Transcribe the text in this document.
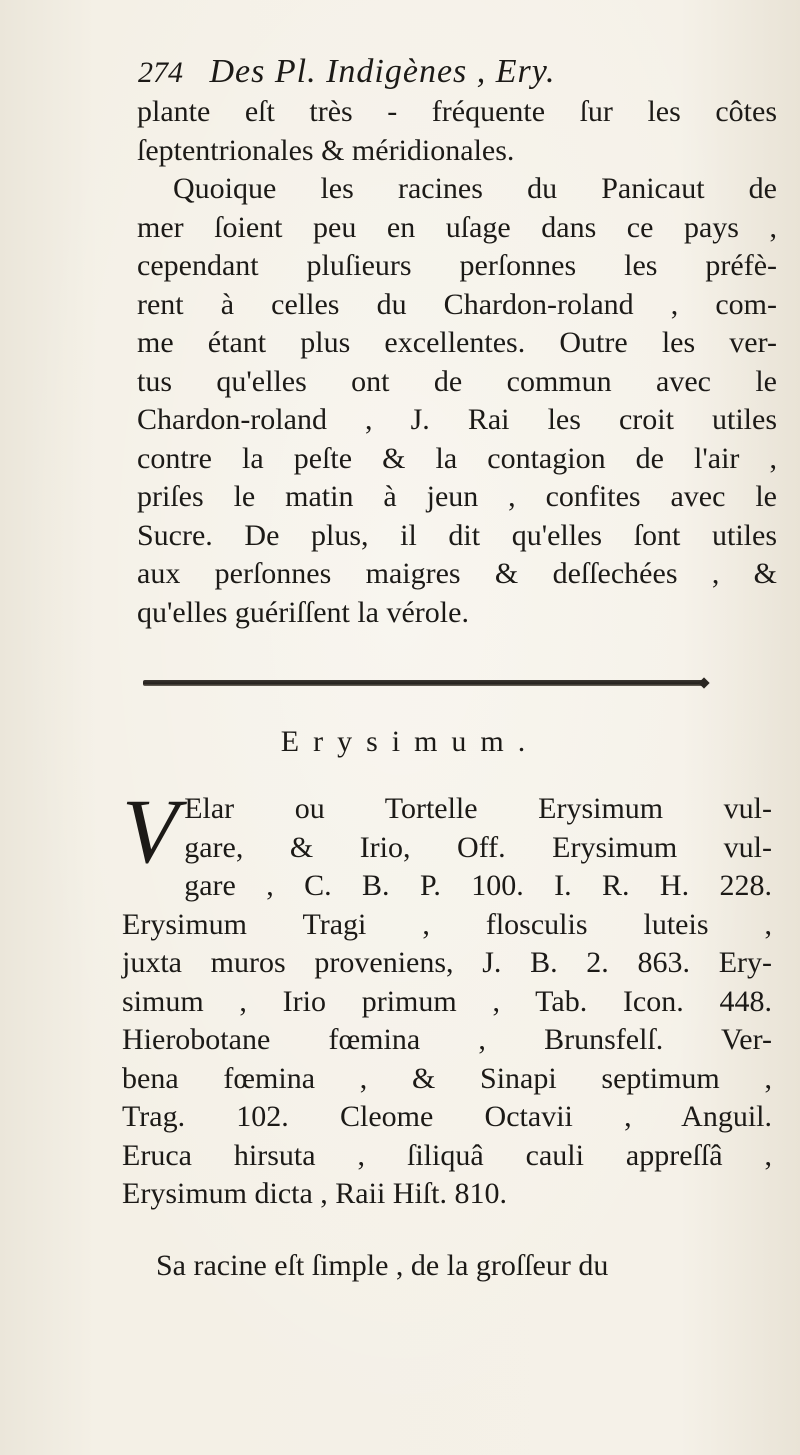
274 Des Pl. Indigènes , Ery.
plante eſt très - fréquente ſur les côtes
ſeptentrionales & méridionales.
Quoique les racines du Panicaut de
mer ſoient peu en uſage dans ce pays ,
cependant pluſieurs perſonnes les préfè-
rent à celles du Chardon-roland , com-
me étant plus excellentes. Outre les ver-
tus qu'elles ont de commun avec le
Chardon-roland , J. Rai les croit utiles
contre la peſte & la contagion de l'air ,
priſes le matin à jeun , confites avec le
Sucre. De plus, il dit qu'elles ſont utiles
aux perſonnes maigres & deſſechées , &
qu'elles guériſſent la vérole.
Erysimum.
V Elar ou Tortelle Erysimum vul-
gare, & Irio, Off. Erysimum vul-
gare , C. B. P. 100. I. R. H. 228.
Erysimum Tragi , flosculis luteis ,
juxta muros proveniens, J. B. 2. 863. Ery-
simum , Irio primum , Tab. Icon. 448.
Hierobotane fœmina , Brunsfelſ. Ver-
bena fœmina , & Sinapi septimum ,
Trag. 102. Cleome Octavii , Anguil.
Eruca hirsuta , ſiliquâ cauli appreſſâ ,
Erysimum dicta , Raii Hiſt. 810.
Sa racine eſt ſimple , de la groſſeur du
